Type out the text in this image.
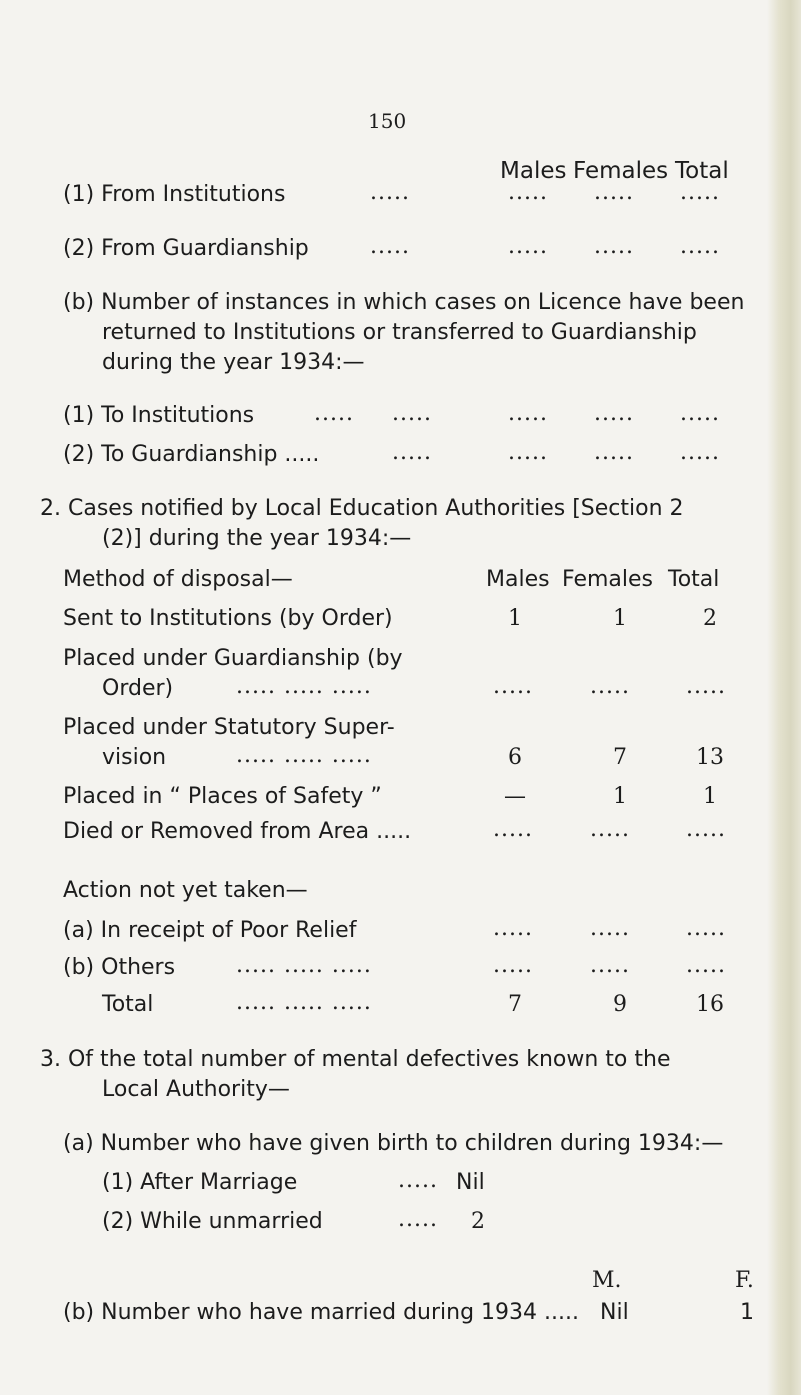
150
Males Females Total
(1) From Institutions	.....	..... ..... .....
(2) From Guardianship	.....	..... ..... .....
(b) Number of instances in which cases on Licence have been
returned to Institutions or transferred to Guardianship
during the year 1934:—
(1) To Institutions	..... .....	..... ..... .....
(2) To Guardianship .....	.....	..... ..... .....
2. Cases notified by Local Education Authorities [Section 2
(2)] during the year 1934:—
Method of disposal—	Males Females Total
Sent to Institutions (by Order)	1	1	2
Placed under Guardianship (by
Order)	..... ..... .....	.....	.....	.....
Placed under Statutory Super-
vision	..... ..... .....	6	7	13
Placed in “ Places of Safety ”	—	1	1
Died or Removed from Area .....	.....	.....	.....
Action not yet taken—
(a) In receipt of Poor Relief	.....	.....	.....
(b) Others	..... ..... .....	.....	.....	.....
Total	..... ..... .....	7	9	16
3. Of the total number of mental defectives known to the
Local Authority—
(a) Number who have given birth to children during 1934:—
(1) After Marriage	..... Nil
(2) While unmarried	.....	2
M.	F.
(b) Number who have married during 1934 ..... Nil	1
